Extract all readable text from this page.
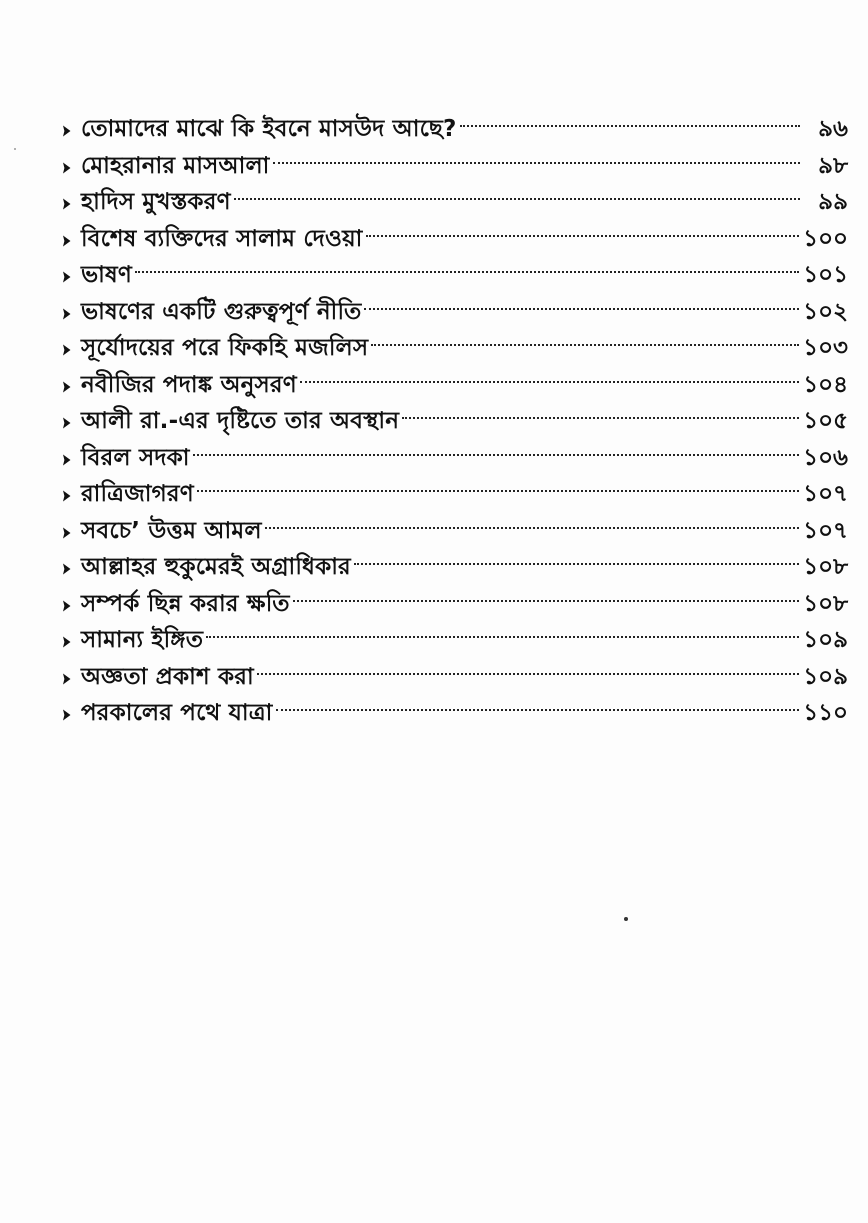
তোমাদের মাঝে কি ইবনে মাসউদ আছে?	৯৬
মোহরানার মাসআলা	৯৮
হাদিস মুখস্তকরণ	৯৯
বিশেষ ব্যক্তিদের সালাম দেওয়া	১০০
ভাষণ	১০১
ভাষণের একটি গুরুত্বপূর্ণ নীতি	১০২
সূর্যোদয়ের পরে ফিকহি মজলিস	১০৩
নবীজির পদাঙ্ক অনুসরণ	১০৪
আলী রা.-এর দৃষ্টিতে তার অবস্থান	১০৫
বিরল সদকা	১০৬
রাত্রিজাগরণ	১০৭
সবচে’ উত্তম আমল	১০৭
আল্লাহর হুকুমেরই অগ্রাধিকার	১০৮
সম্পর্ক ছিন্ন করার ক্ষতি	১০৮
সামান্য ইঙ্গিত	১০৯
অজ্ঞতা প্রকাশ করা	১০৯
পরকালের পথে যাত্রা	১১০
